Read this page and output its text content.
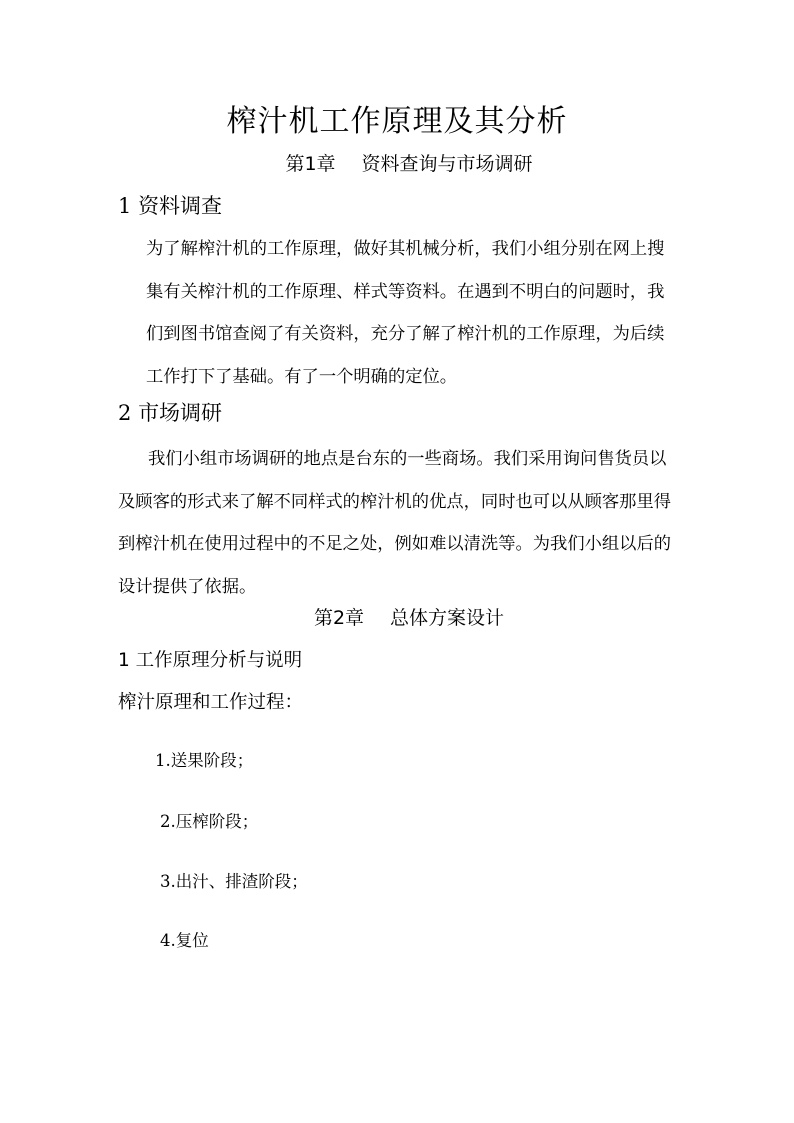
榨汁机工作原理及其分析
第1章 资料查询与市场调研
1 资料调查

为了解榨汁机的工作原理，做好其机械分析，我们小组分别在网上搜集有关榨汁机的工作原理、样式等资料。在遇到不明白的问题时，我们到图书馆查阅了有关资料，充分了解了榨汁机的工作原理，为后续工作打下了基础。有了一个明确的定位。

2 市场调研

我们小组市场调研的地点是台东的一些商场。我们采用询问售货员以及顾客的形式来了解不同样式的榨汁机的优点，同时也可以从顾客那里得到榨汁机在使用过程中的不足之处，例如难以清洗等。为我们小组以后的设计提供了依据。

第2章 总体方案设计
1 工作原理分析与说明
榨汁原理和工作过程：
1.送果阶段；
2.压榨阶段；
3.出汁、排渣阶段；
4.复位
